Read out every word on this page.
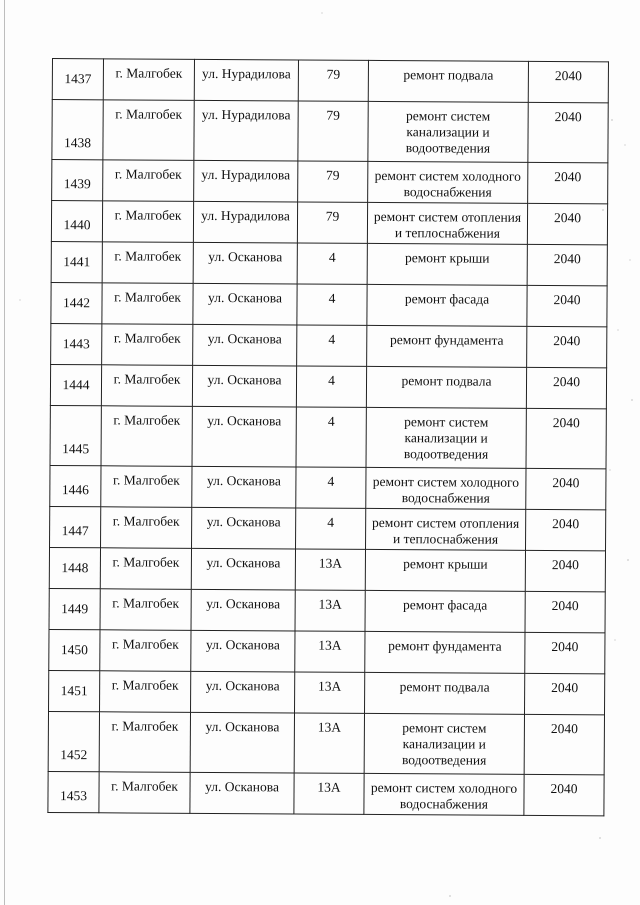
1437	г. Малгобек	ул. Нурадилова	79	ремонт подвала	2040
1438	г. Малгобек	ул. Нурадилова	79	ремонт систем канализации и водоотведения	2040
1439	г. Малгобек	ул. Нурадилова	79	ремонт систем холодного водоснабжения	2040
1440	г. Малгобек	ул. Нурадилова	79	ремонт систем отопления и теплоснабжения	2040
1441	г. Малгобек	ул. Осканова	4	ремонт крыши	2040
1442	г. Малгобек	ул. Осканова	4	ремонт фасада	2040
1443	г. Малгобек	ул. Осканова	4	ремонт фундамента	2040
1444	г. Малгобек	ул. Осканова	4	ремонт подвала	2040
1445	г. Малгобек	ул. Осканова	4	ремонт систем канализации и водоотведения	2040
1446	г. Малгобек	ул. Осканова	4	ремонт систем холодного водоснабжения	2040
1447	г. Малгобек	ул. Осканова	4	ремонт систем отопления и теплоснабжения	2040
1448	г. Малгобек	ул. Осканова	13А	ремонт крыши	2040
1449	г. Малгобек	ул. Осканова	13А	ремонт фасада	2040
1450	г. Малгобек	ул. Осканова	13А	ремонт фундамента	2040
1451	г. Малгобек	ул. Осканова	13А	ремонт подвала	2040
1452	г. Малгобек	ул. Осканова	13А	ремонт систем канализации и водоотведения	2040
1453	г. Малгобек	ул. Осканова	13А	ремонт систем холодного водоснабжения	2040
